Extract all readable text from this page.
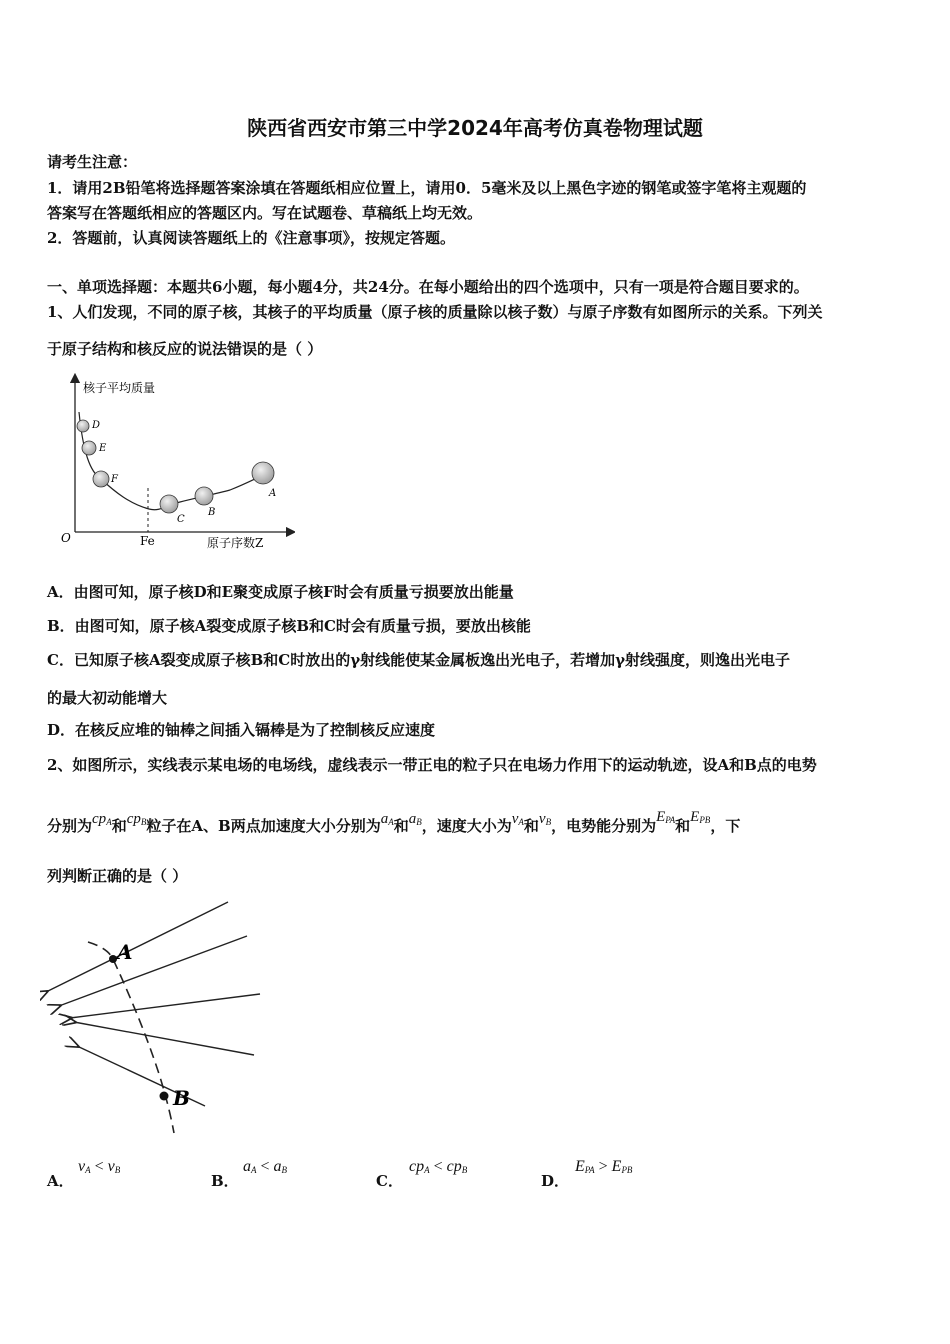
陕西省西安市第三中学2024年高考仿真卷物理试题
请考生注意：
1．请用2B铅笔将选择题答案涂填在答题纸相应位置上，请用0．5毫米及以上黑色字迹的钢笔或签字笔将主观题的
答案写在答题纸相应的答题区内。写在试题卷、草稿纸上均无效。
2．答题前，认真阅读答题纸上的《注意事项》，按规定答题。
一、单项选择题：本题共6小题，每小题4分，共24分。在每小题给出的四个选项中，只有一项是符合题目要求的。
1、人们发现，不同的原子核，其核子的平均质量（原子核的质量除以核子数）与原子序数有如图所示的关系。下列关
于原子结构和核反应的说法错误的是（ ）
核子平均质量
O	Fe	原子序数Z
D
E
F
C
B
A
A．由图可知，原子核D和E聚变成原子核F时会有质量亏损要放出能量
B．由图可知，原子核A裂变成原子核B和C时会有质量亏损，要放出核能
C．已知原子核A裂变成原子核B和C时放出的γ射线能使某金属板逸出光电子，若增加γ射线强度，则逸出光电子
的最大初动能增大
D．在核反应堆的铀棒之间插入镉棒是为了控制核反应速度
2、如图所示，实线表示某电场的电场线，虚线表示一带正电的粒子只在电场力作用下的运动轨迹，设A和B点的电势
分别为$cp_A$和$cp_B$粒子在A、B两点加速度大小分别为$a_A$和$a_B$，速度大小为$v_A$和$v_B$，电势能分别为$E_{PA}$和$E_{PB}$，下
列判断正确的是（ ）
A
B
A．
$v_A < v_B$
B．
$a_A < a_B$
C．
$cp_A < cp_B$
D．
$E_{PA} > E_{PB}$
